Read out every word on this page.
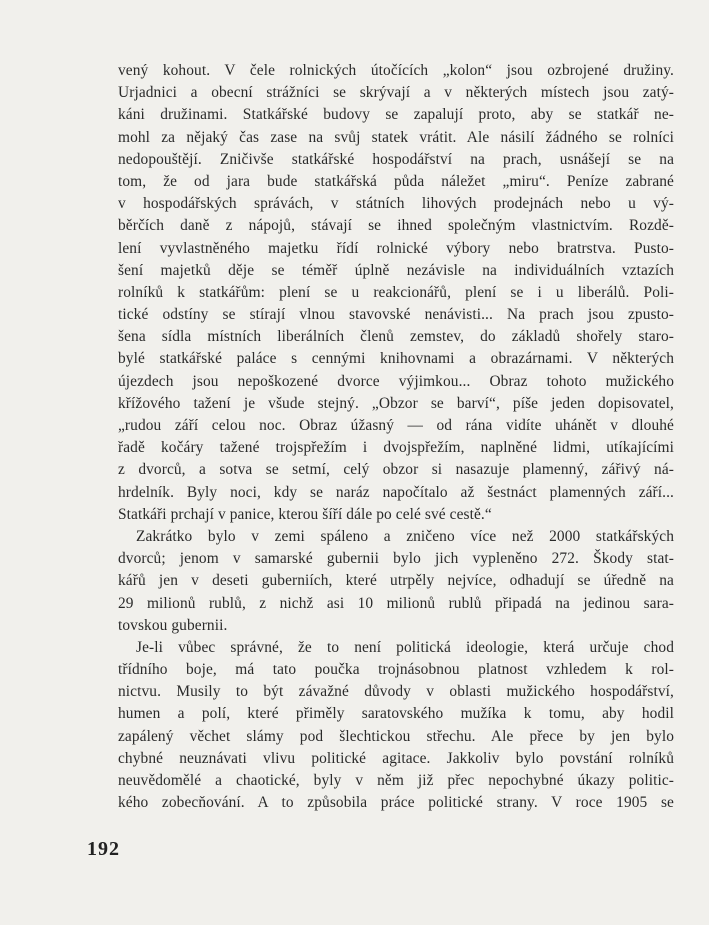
vený kohout. V čele rolnických útočících „kolon“ jsou ozbrojené družiny.
Urjadnici a obecní strážníci se skrývají a v některých místech jsou zatý-
káni družinami. Statkářské budovy se zapalují proto, aby se statkář ne-
mohl za nějaký čas zase na svůj statek vrátit. Ale násilí žádného se rolníci
nedopouštějí. Zničivše statkářské hospodářství na prach, usnášejí se na
tom, že od jara bude statkářská půda náležet „miru“. Peníze zabrané
v hospodářských správách, v státních lihových prodejnách nebo u vý-
běrčích daně z nápojů, stávají se ihned společným vlastnictvím. Rozdě-
lení vyvlastněného majetku řídí rolnické výbory nebo bratrstva. Pusto-
šení majetků děje se téměř úplně nezávisle na individuálních vztazích
rolníků k statkářům: plení se u reakcionářů, plení se i u liberálů. Poli-
tické odstíny se stírají vlnou stavovské nenávisti... Na prach jsou zpusto-
šena sídla místních liberálních členů zemstev, do základů shořely staro-
bylé statkářské paláce s cennými knihovnami a obrazárnami. V některých
újezdech jsou nepoškozené dvorce výjimkou... Obraz tohoto mužického
křížového tažení je všude stejný. „Obzor se barví“, píše jeden dopisovatel,
„rudou září celou noc. Obraz úžasný — od rána vidíte uhánět v dlouhé
řadě kočáry tažené trojspřežím i dvojspřežím, naplněné lidmi, utíkajícími
z dvorců, a sotva se setmí, celý obzor si nasazuje plamenný, zářivý ná-
hrdelník. Byly noci, kdy se naráz napočítalo až šestnáct plamenných září...
Statkáři prchají v panice, kterou šíří dále po celé své cestě.“
Zakrátko bylo v zemi spáleno a zničeno více než 2000 statkářských
dvorců; jenom v samarské gubernii bylo jich vypleněno 272. Škody stat-
kářů jen v deseti guberniích, které utrpěly nejvíce, odhadují se úředně na
29 milionů rublů, z nichž asi 10 milionů rublů připadá na jedinou sara-
tovskou gubernii.
Je-li vůbec správné, že to není politická ideologie, která určuje chod
třídního boje, má tato poučka trojnásobnou platnost vzhledem k rol-
nictvu. Musily to být závažné důvody v oblasti mužického hospodářství,
humen a polí, které přiměly saratovského mužíka k tomu, aby hodil
zapálený věchet slámy pod šlechtickou střechu. Ale přece by jen bylo
chybné neuznávati vlivu politické agitace. Jakkoliv bylo povstání rolníků
neuvědomělé a chaotické, byly v něm již přec nepochybné úkazy politic-
kého zobecňování. A to způsobila práce politické strany. V roce 1905 se
192
